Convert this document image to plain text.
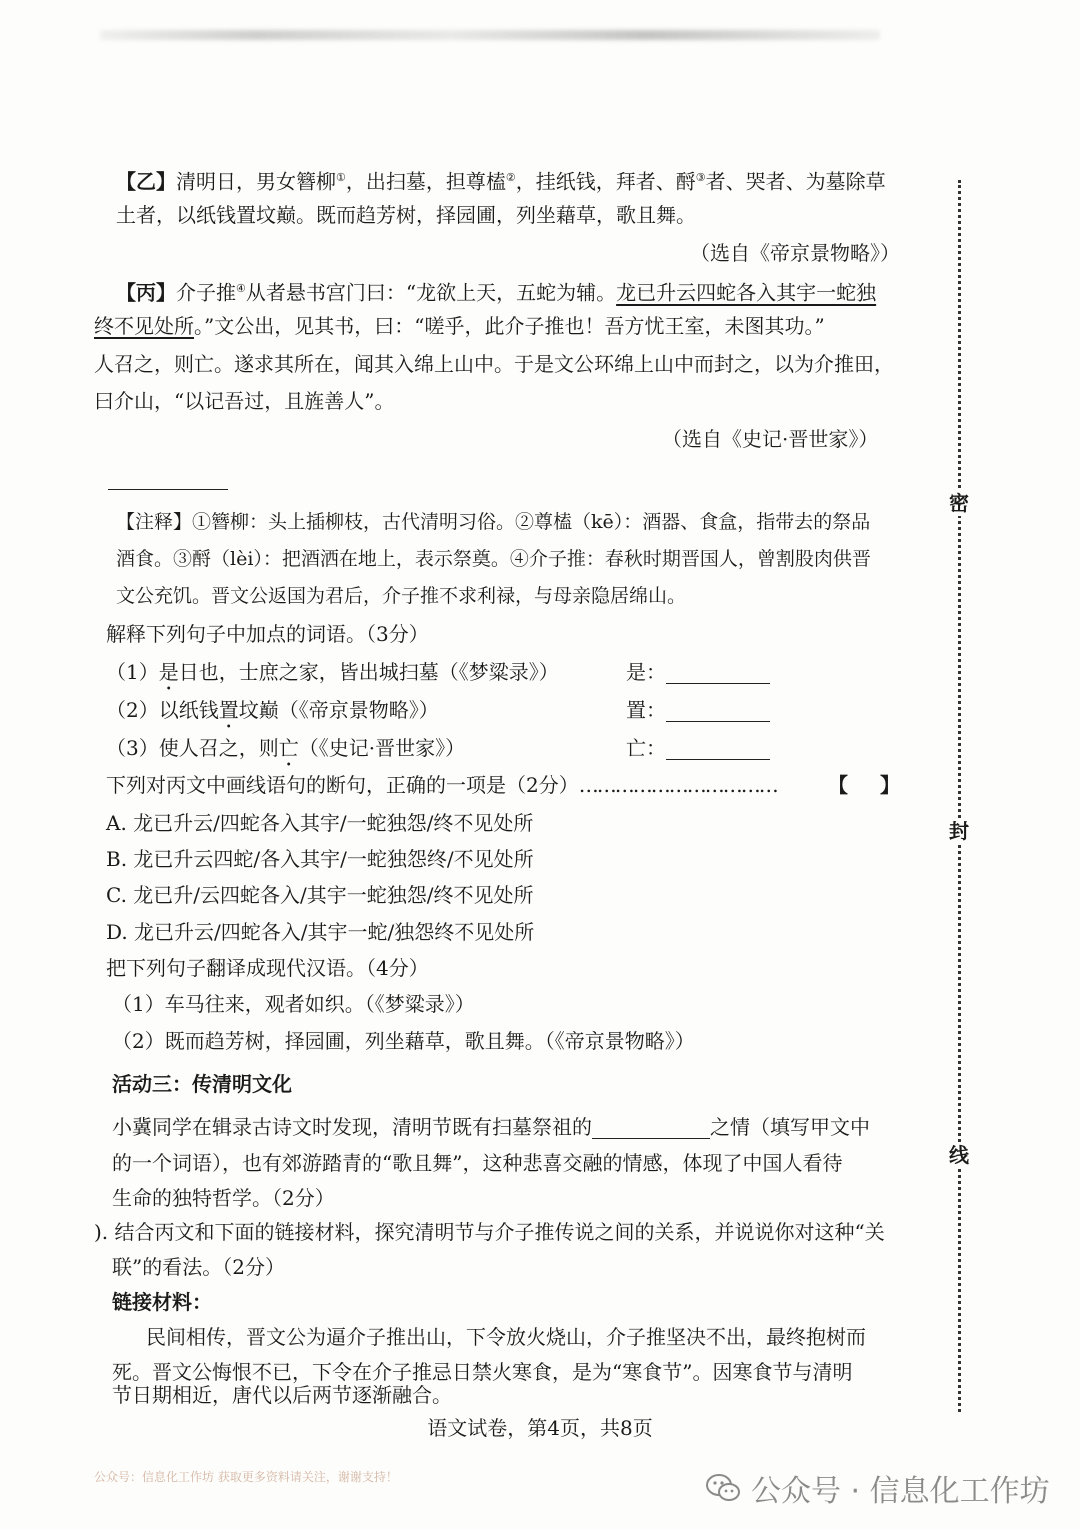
【乙】清明日，男女簪柳①，出扫墓，担尊榼②，挂纸钱，拜者、酹③者、哭者、为墓除草
土者，以纸钱置坟巅。既而趋芳树，择园圃，列坐藉草，歌且舞。
（选自《帝京景物略》）
【丙】介子推④从者悬书宫门曰：“龙欲上天，五蛇为辅。龙已升云四蛇各入其宇一蛇独
终不见处所。”文公出，见其书，曰：“嗟乎，此介子推也！吾方忧王室，未图其功。”
人召之，则亡。遂求其所在，闻其入绵上山中。于是文公环绵上山中而封之，以为介推田，
曰介山，“以记吾过，且旌善人”。
（选自《史记·晋世家》）
【注释】①簪柳：头上插柳枝，古代清明习俗。②尊榼（kē）：酒器、食盒，指带去的祭品
酒食。③酹（lèi）：把酒洒在地上，表示祭奠。④介子推：春秋时期晋国人，曾割股肉供晋
文公充饥。晋文公返国为君后，介子推不求利禄，与母亲隐居绵山。
解释下列句子中加点的词语。（3分）
（1）是日也，士庶之家，皆出城扫墓（《梦粱录》）	是：
（2）以纸钱置坟巅（《帝京景物略》）	置：
（3）使人召之，则亡（《史记·晋世家》）	亡：
下列对丙文中画线语句的断句，正确的一项是（2分）……………………………	【 】
A. 龙已升云/四蛇各入其宇/一蛇独怨/终不见处所
B. 龙已升云四蛇/各入其宇/一蛇独怨终/不见处所
C. 龙已升/云四蛇各入/其宇一蛇独怨/终不见处所
D. 龙已升云/四蛇各入/其宇一蛇/独怨终不见处所
把下列句子翻译成现代汉语。（4分）
（1）车马往来，观者如织。（《梦粱录》）
（2）既而趋芳树，择园圃，列坐藉草，歌且舞。（《帝京景物略》）
活动三：传清明文化
小冀同学在辑录古诗文时发现，清明节既有扫墓祭祖的	之情（填写甲文中
的一个词语），也有郊游踏青的“歌且舞”，这种悲喜交融的情感，体现了中国人看待
生命的独特哲学。（2分）
). 结合丙文和下面的链接材料，探究清明节与介子推传说之间的关系，并说说你对这种“关
联”的看法。（2分）
链接材料：
民间相传，晋文公为逼介子推出山，下令放火烧山，介子推坚决不出，最终抱树而
死。晋文公悔恨不已，下令在介子推忌日禁火寒食，是为“寒食节”。因寒食节与清明
节日期相近，唐代以后两节逐渐融合。
密
封
线
语文试卷，第4页，共8页
公众号：信息化工作坊 获取更多资料请关注，谢谢支持！	公众号 · 信息化工作坊
